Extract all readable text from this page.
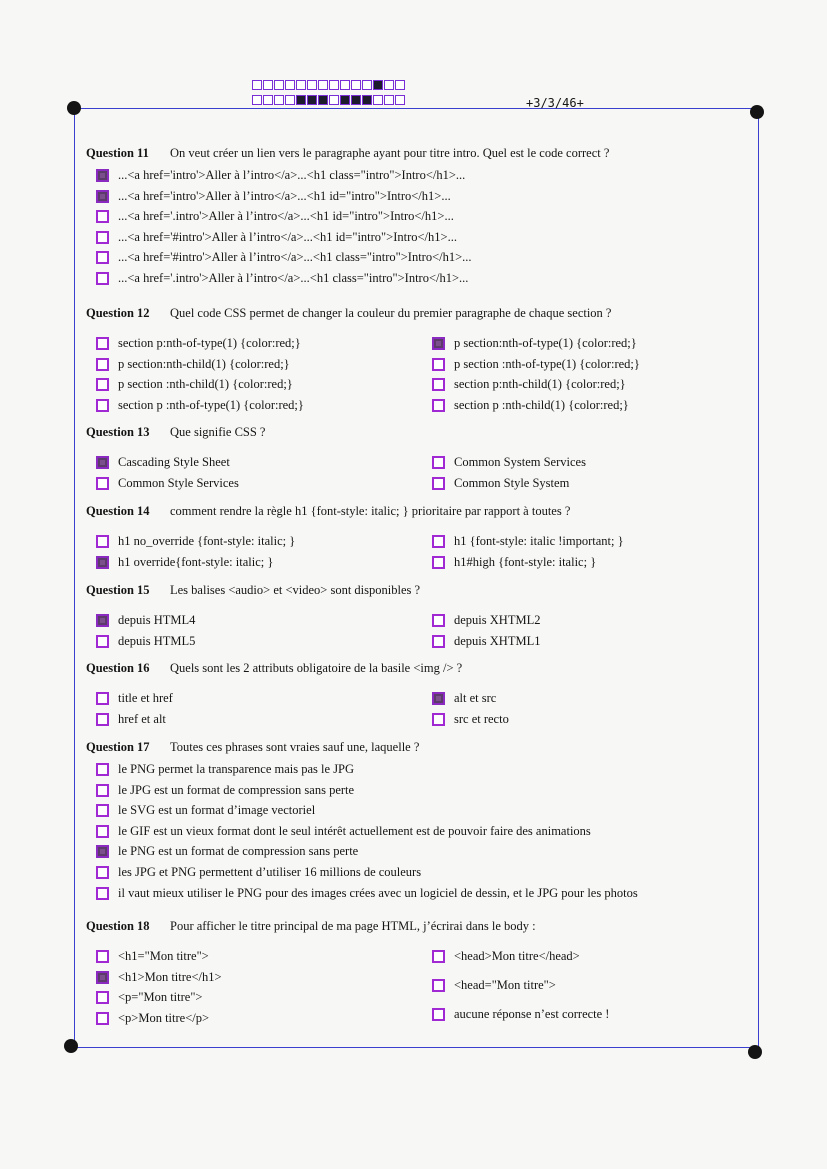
+3/3/46+
Question 11 On veut créer un lien vers le paragraphe ayant pour titre intro. Quel est le code correct ?
...<a href='intro'>Aller à l’intro</a>...<h1 class="intro">Intro</h1>...
...<a href='intro'>Aller à l’intro</a>...<h1 id="intro">Intro</h1>...
...<a href='.intro'>Aller à l’intro</a>...<h1 id="intro">Intro</h1>...
...<a href='#intro'>Aller à l’intro</a>...<h1 id="intro">Intro</h1>...
...<a href='#intro'>Aller à l’intro</a>...<h1 class="intro">Intro</h1>...
...<a href='.intro'>Aller à l’intro</a>...<h1 class="intro">Intro</h1>...
Question 12 Quel code CSS permet de changer la couleur du premier paragraphe de chaque section ?
section p:nth-of-type(1) {color:red;}
p section:nth-child(1) {color:red;}
p section :nth-child(1) {color:red;}
section p :nth-of-type(1) {color:red;}
p section:nth-of-type(1) {color:red;}
p section :nth-of-type(1) {color:red;}
section p:nth-child(1) {color:red;}
section p :nth-child(1) {color:red;}
Question 13 Que signifie CSS ?
Cascading Style Sheet
Common Style Services
Common System Services
Common Style System
Question 14 comment rendre la règle h1 {font-style: italic; } prioritaire par rapport à toutes ?
h1 no_override {font-style: italic; }
h1 override{font-style: italic; }
h1 {font-style: italic !important; }
h1#high {font-style: italic; }
Question 15 Les balises <audio> et <video> sont disponibles ?
depuis HTML4
depuis HTML5
depuis XHTML2
depuis XHTML1
Question 16 Quels sont les 2 attributs obligatoire de la basile <img /> ?
title et href
href et alt
alt et src
src et recto
Question 17 Toutes ces phrases sont vraies sauf une, laquelle ?
le PNG permet la transparence mais pas le JPG
le JPG est un format de compression sans perte
le SVG est un format d’image vectoriel
le GIF est un vieux format dont le seul intérêt actuellement est de pouvoir faire des animations
le PNG est un format de compression sans perte
les JPG et PNG permettent d’utiliser 16 millions de couleurs
il vaut mieux utiliser le PNG pour des images crées avec un logiciel de dessin, et le JPG pour les photos
Question 18 Pour afficher le titre principal de ma page HTML, j’écrirai dans le body :
<h1="Mon titre">
<h1>Mon titre</h1>
<p="Mon titre">
<p>Mon titre</p>
<head>Mon titre</head>
<head="Mon titre">
aucune réponse n’est correcte !
